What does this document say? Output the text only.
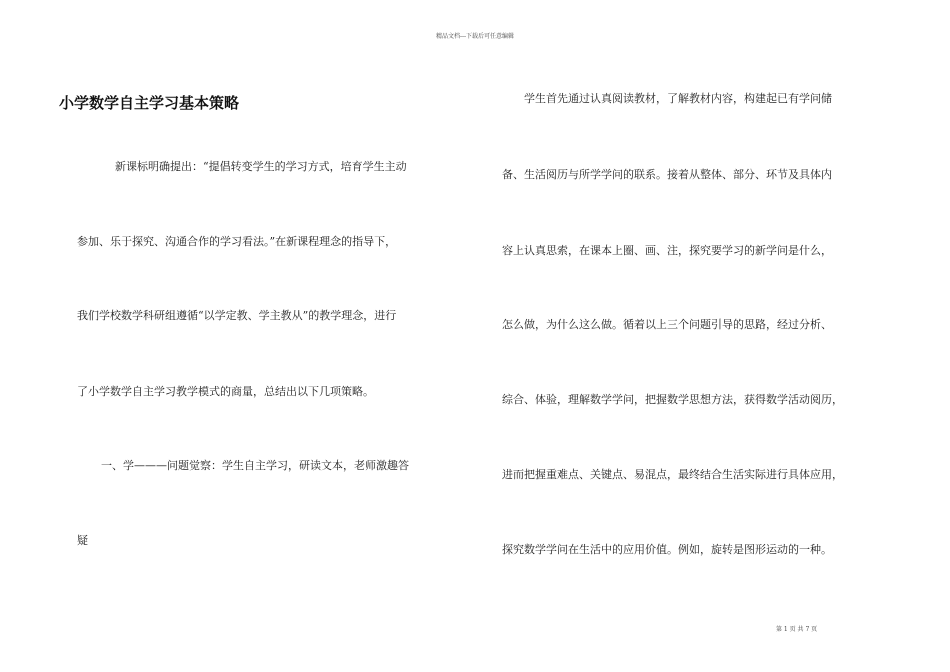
精品文档---下载后可任意编辑
小学数学自主学习基本策略
新课标明确提出：“提倡转变学生的学习方式，培育学生主动
参加、乐于探究、沟通合作的学习看法。”在新课程理念的指导下，
我们学校数学科研组遵循“以学定教、学主教从”的教学理念，进行
了小学数学自主学习教学模式的商量，总结出以下几项策略。
一、学———问题觉察：学生自主学习，研读文本，老师激趣答
疑
学生首先通过认真阅读教材，了解教材内容，构建起已有学问储
备、生活阅历与所学学问的联系。接着从整体、部分、环节及具体内
容上认真思索，在课本上圈、画、注，探究要学习的新学问是什么，
怎么做，为什么这么做。循着以上三个问题引导的思路，经过分析、
综合、体验，理解数学学问，把握数学思想方法，获得数学活动阅历，
进而把握重难点、关键点、易混点，最终结合生活实际进行具体应用，
探究数学学问在生活中的应用价值。例如，旋转是图形运动的一种。
第 1 页 共 7 页
